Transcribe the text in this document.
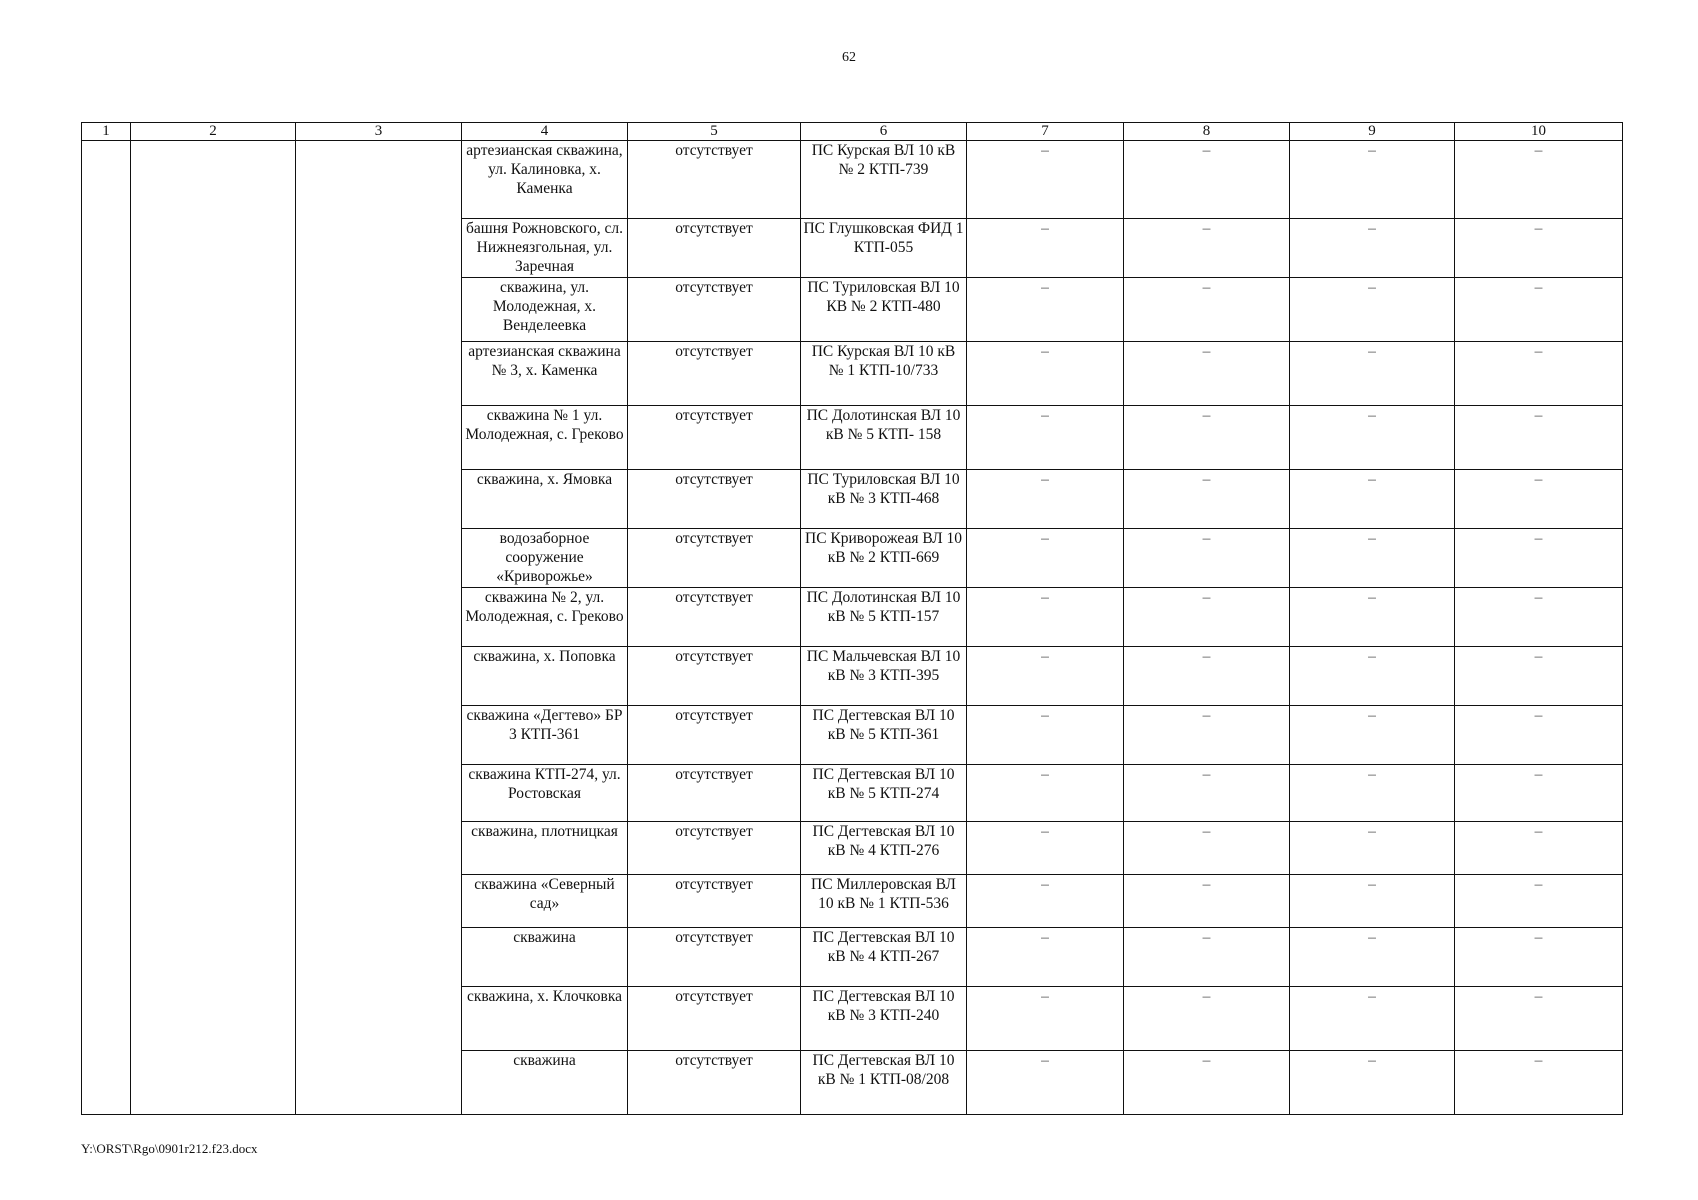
62
1	2	3	4	5	6	7	8	9	10
			артезианская скважина, ул. Калиновка, х. Каменка	отсутствует	ПС Курская ВЛ 10 кВ № 2 КТП-739	–	–	–	–
			башня Рожновского, сл. Нижнеязгольная, ул. Заречная	отсутствует	ПС Глушковская ФИД 1 КТП-055	–	–	–	–
			скважина, ул. Молодежная, х. Венделеевка	отсутствует	ПС Туриловская ВЛ 10 КВ № 2 КТП-480	–	–	–	–
			артезианская скважина № 3, х. Каменка	отсутствует	ПС Курская ВЛ 10 кВ № 1 КТП-10/733	–	–	–	–
			скважина № 1 ул. Молодежная, с. Греково	отсутствует	ПС Долотинская ВЛ 10 кВ № 5 КТП- 158	–	–	–	–
			скважина, х. Ямовка	отсутствует	ПС Туриловская ВЛ 10 кВ № 3 КТП-468	–	–	–	–
			водозаборное сооружение «Криворожье»	отсутствует	ПС Криворожеая ВЛ 10 кВ № 2 КТП-669	–	–	–	–
			скважина № 2, ул. Молодежная, с. Греково	отсутствует	ПС Долотинская ВЛ 10 кВ № 5 КТП-157	–	–	–	–
			скважина, х. Поповка	отсутствует	ПС Мальчевская ВЛ 10 кВ № 3 КТП-395	–	–	–	–
			скважина «Дегтево» БР 3 КТП-361	отсутствует	ПС Дегтевская ВЛ 10 кВ № 5 КТП-361	–	–	–	–
			скважина КТП-274, ул. Ростовская	отсутствует	ПС Дегтевская ВЛ 10 кВ № 5 КТП-274	–	–	–	–
			скважина, плотницкая	отсутствует	ПС Дегтевская ВЛ 10 кВ № 4 КТП-276	–	–	–	–
			скважина «Северный сад»	отсутствует	ПС Миллеровская ВЛ 10 кВ № 1 КТП-536	–	–	–	–
			скважина	отсутствует	ПС Дегтевская ВЛ 10 кВ № 4 КТП-267	–	–	–	–
			скважина, х. Клочковка	отсутствует	ПС Дегтевская ВЛ 10 кВ № 3 КТП-240	–	–	–	–
			скважина	отсутствует	ПС Дегтевская ВЛ 10 кВ № 1 КТП-08/208	–	–	–	–
Y:\ORST\Rgo\0901r212.f23.docx
